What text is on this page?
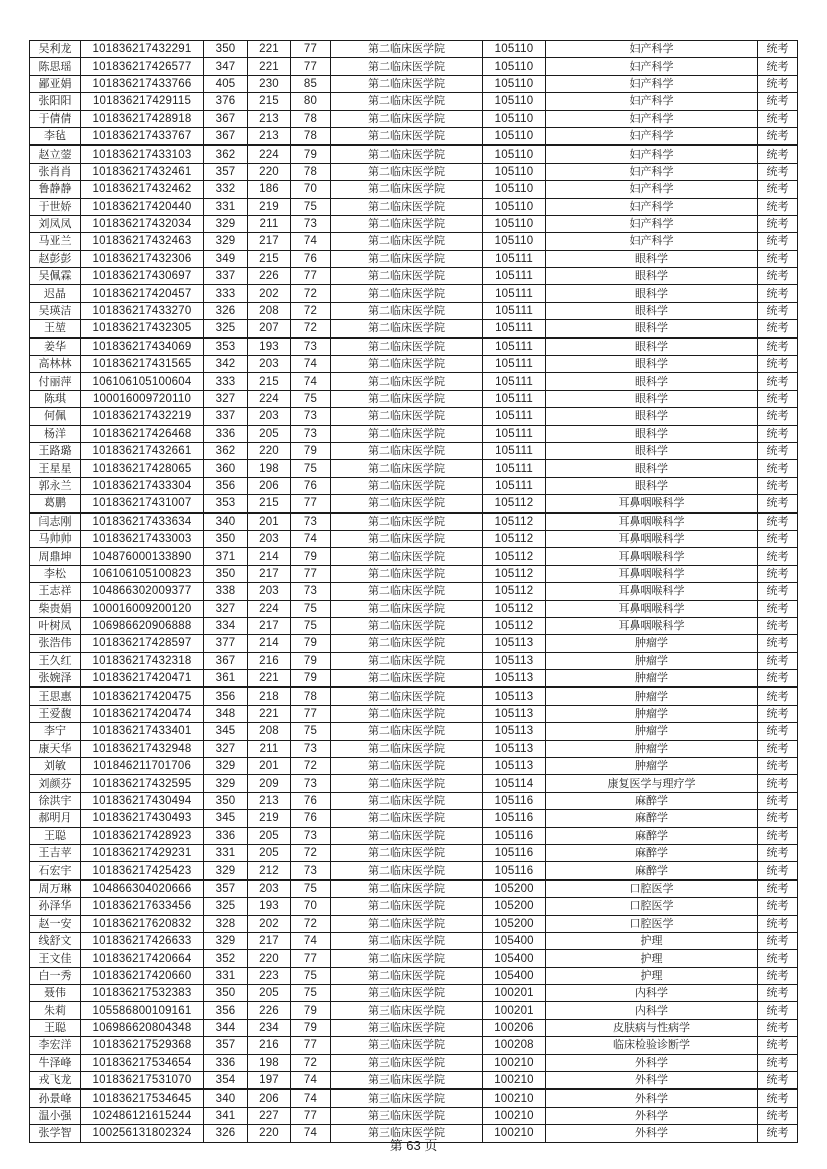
吴利龙	101836217432291	350	221	77	第二临床医学院	105110	妇产科学	统考
陈思瑶	101836217426577	347	221	77	第二临床医学院	105110	妇产科学	统考
鄙亚娟	101836217433766	405	230	85	第二临床医学院	105110	妇产科学	统考
张阳阳	101836217429115	376	215	80	第二临床医学院	105110	妇产科学	统考
于倩倩	101836217428918	367	213	78	第二临床医学院	105110	妇产科学	统考
李毡	101836217433767	367	213	78	第二临床医学院	105110	妇产科学	统考
赵立蓥	101836217433103	362	224	79	第二临床医学院	105110	妇产科学	统考
张肖肖	101836217432461	357	220	78	第二临床医学院	105110	妇产科学	统考
鲁静静	101836217432462	332	186	70	第二临床医学院	105110	妇产科学	统考
于世娇	101836217420440	331	219	75	第二临床医学院	105110	妇产科学	统考
刘凤凤	101836217432034	329	211	73	第二临床医学院	105110	妇产科学	统考
马亚兰	101836217432463	329	217	74	第二临床医学院	105110	妇产科学	统考
赵彭彭	101836217432306	349	215	76	第二临床医学院	105111	眼科学	统考
吴佩霖	101836217430697	337	226	77	第二临床医学院	105111	眼科学	统考
迟晶	101836217420457	333	202	72	第二临床医学院	105111	眼科学	统考
吴瑛洁	101836217433270	326	208	72	第二临床医学院	105111	眼科学	统考
王堃	101836217432305	325	207	72	第二临床医学院	105111	眼科学	统考
姜华	101836217434069	353	193	73	第二临床医学院	105111	眼科学	统考
高林林	101836217431565	342	203	74	第二临床医学院	105111	眼科学	统考
付丽萍	106106105100604	333	215	74	第二临床医学院	105111	眼科学	统考
陈琪	100016009720110	327	224	75	第二临床医学院	105111	眼科学	统考
何佩	101836217432219	337	203	73	第二临床医学院	105111	眼科学	统考
杨洋	101836217426468	336	205	73	第二临床医学院	105111	眼科学	统考
王路璐	101836217432661	362	220	79	第二临床医学院	105111	眼科学	统考
王星星	101836217428065	360	198	75	第二临床医学院	105111	眼科学	统考
郭永兰	101836217433304	356	206	76	第二临床医学院	105111	眼科学	统考
葛鹏	101836217431007	353	215	77	第二临床医学院	105112	耳鼻咽喉科学	统考
闫志刚	101836217433634	340	201	73	第二临床医学院	105112	耳鼻咽喉科学	统考
马帅帅	101836217433003	350	203	74	第二临床医学院	105112	耳鼻咽喉科学	统考
周鼎坤	104876000133890	371	214	79	第二临床医学院	105112	耳鼻咽喉科学	统考
李松	106106105100823	350	217	77	第二临床医学院	105112	耳鼻咽喉科学	统考
王志祥	104866302009377	338	203	73	第二临床医学院	105112	耳鼻咽喉科学	统考
柴贵娟	100016009200120	327	224	75	第二临床医学院	105112	耳鼻咽喉科学	统考
叶树凤	106986620906888	334	217	75	第二临床医学院	105112	耳鼻咽喉科学	统考
张浩伟	101836217428597	377	214	79	第二临床医学院	105113	肿瘤学	统考
王久红	101836217432318	367	216	79	第二临床医学院	105113	肿瘤学	统考
张婉泽	101836217420471	361	221	79	第二临床医学院	105113	肿瘤学	统考
王思惠	101836217420475	356	218	78	第二临床医学院	105113	肿瘤学	统考
王爱馥	101836217420474	348	221	77	第二临床医学院	105113	肿瘤学	统考
李宁	101836217433401	345	208	75	第二临床医学院	105113	肿瘤学	统考
康天华	101836217432948	327	211	73	第二临床医学院	105113	肿瘤学	统考
刘敏	101846211701706	329	201	72	第二临床医学院	105113	肿瘤学	统考
刘颜芬	101836217432595	329	209	73	第二临床医学院	105114	康复医学与理疗学	统考
徐洪宇	101836217430494	350	213	76	第二临床医学院	105116	麻醉学	统考
郝明月	101836217430493	345	219	76	第二临床医学院	105116	麻醉学	统考
王聪	101836217428923	336	205	73	第二临床医学院	105116	麻醉学	统考
王吉苹	101836217429231	331	205	72	第二临床医学院	105116	麻醉学	统考
石宏宇	101836217425423	329	212	73	第二临床医学院	105116	麻醉学	统考
周万琳	104866304020666	357	203	75	第二临床医学院	105200	口腔医学	统考
孙泽华	101836217633456	325	193	70	第二临床医学院	105200	口腔医学	统考
赵一安	101836217620832	328	202	72	第二临床医学院	105200	口腔医学	统考
线舒文	101836217426633	329	217	74	第二临床医学院	105400	护理	统考
王文佳	101836217420664	352	220	77	第二临床医学院	105400	护理	统考
白一秀	101836217420660	331	223	75	第二临床医学院	105400	护理	统考
聂伟	101836217532383	350	205	75	第三临床医学院	100201	内科学	统考
朱莉	105586800109161	356	226	79	第三临床医学院	100201	内科学	统考
王聪	106986620804348	344	234	79	第三临床医学院	100206	皮肤病与性病学	统考
李宏洋	101836217529368	357	216	77	第三临床医学院	100208	临床检验诊断学	统考
牛泽峰	101836217534654	336	198	72	第三临床医学院	100210	外科学	统考
戎飞龙	101836217531070	354	197	74	第三临床医学院	100210	外科学	统考
孙景峰	101836217534645	340	206	74	第三临床医学院	100210	外科学	统考
温小强	102486121615244	341	227	77	第三临床医学院	100210	外科学	统考
张学智	100256131802324	326	220	74	第三临床医学院	100210	外科学	统考
第 63 页
